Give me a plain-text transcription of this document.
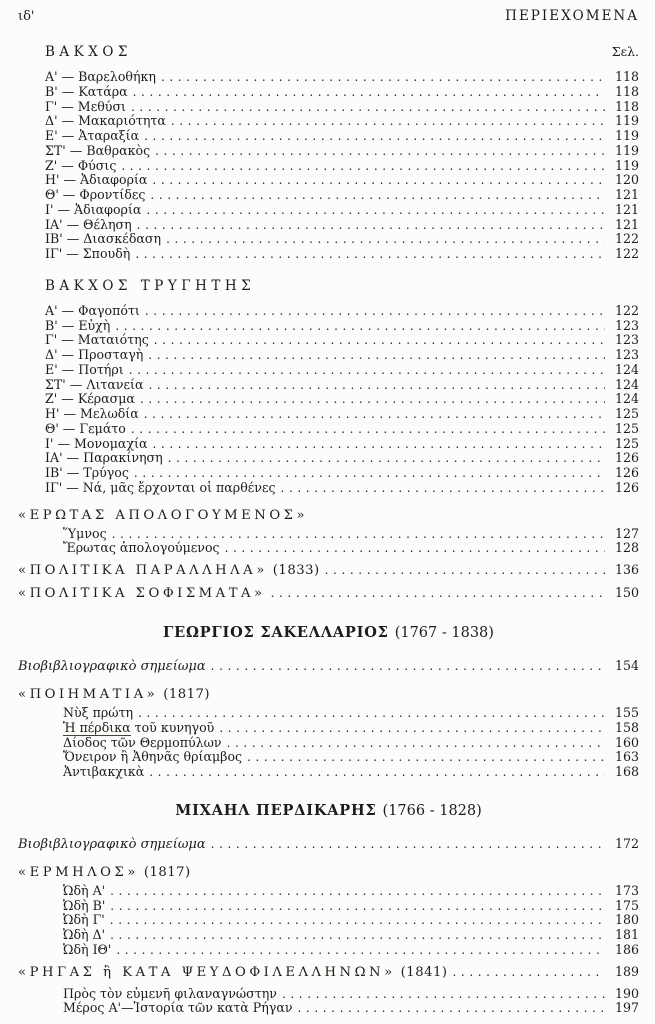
ιδ'	ΠΕΡΙΕΧΟΜΕΝΑ
ΒΑΚΧΟΣ	Σελ.
Α' — Βαρελοθήκη .....	118
Β' — Κατάρα .....	118
Γ' — Μεθύσι .....	118
Δ' — Μακαριότητα .....	119
Ε' — Ἀταραξία .....	119
ΣΤ' — Βαθρακὸς .....	119
Ζ' — Φύσις .....	119
Η' — Ἀδιαφορία .....	120
Θ' — Φροντίδες .....	121
Ι' — Ἀδιαφορία .....	121
ΙΑ' — Θέληση .....	121
ΙΒ' — Διασκέδαση .....	122
ΙΓ' — Σπουδὴ .....	122
ΒΑΚΧΟΣ ΤΡΥΓΗΤΗΣ
Α' — Φαγοπότι .....	122
Β' — Εὐχὴ .....	123
Γ' — Ματαιότης .....	123
Δ' — Προσταγὴ .....	123
Ε' — Ποτήρι .....	124
ΣΤ' — Λιτανεία .....	124
Ζ' — Κέρασμα .....	124
Η' — Μελωδία .....	125
Θ' — Γεμάτο .....	125
Ι' — Μονομαχία .....	125
ΙΑ' — Παρακίνηση .....	126
ΙΒ' — Τρύγος .....	126
ΙΓ' — Νά, μᾶς ἔρχονται οἱ παρθένες .....	126
«ΕΡΩΤΑΣ ΑΠΟΛΟΓΟΥΜΕΝΟΣ»
Ὕμνος .....	127
Ἔρωτας ἀπολογούμενος .....	128
«ΠΟΛΙΤΙΚΑ ΠΑΡΑΛΛΗΛΑ» (1833) .....	136
«ΠΟΛΙΤΙΚΑ ΣΟΦΙΣΜΑΤΑ» .....	150
ΓΕΩΡΓΙΟΣ ΣΑΚΕΛΛΑΡΙΟΣ (1767 - 1838)
Βιοβιβλιογραφικὸ σημείωμα .....	154
«ΠΟΙΗΜΑΤΙΑ» (1817)
Νὺξ πρώτη .....	155
Ἡ πέρδικα τοῦ κυνηγοῦ .....	158
Δίοδος τῶν Θερμοπύλων .....	160
Ὄνειρον ἢ Ἀθηνᾶς θρίαμβος .....	163
Ἀντιβακχικὰ .....	168
ΜΙΧΑΗΛ ΠΕΡΔΙΚΑΡΗΣ (1766 - 1828)
Βιοβιβλιογραφικὸ σημείωμα .....	172
«ΕΡΜΗΛΟΣ» (1817)
Ὠδὴ Α' .....	173
Ὠδὴ Β' .....	175
Ὠδὴ Γ' .....	180
Ὠδὴ Δ' .....	181
Ὠδὴ ΙΘ' .....	186
«ΡΗΓΑΣ ἢ ΚΑΤΑ ΨΕΥΔΟΦΙΛΕΛΛΗΝΩΝ» (1841) .....	189
Πρὸς τὸν εὐμενῆ φιλαναγνώστην .....	190
Μέρος Α'—Ἱστορία τῶν κατὰ Ρήγαν .....	197
